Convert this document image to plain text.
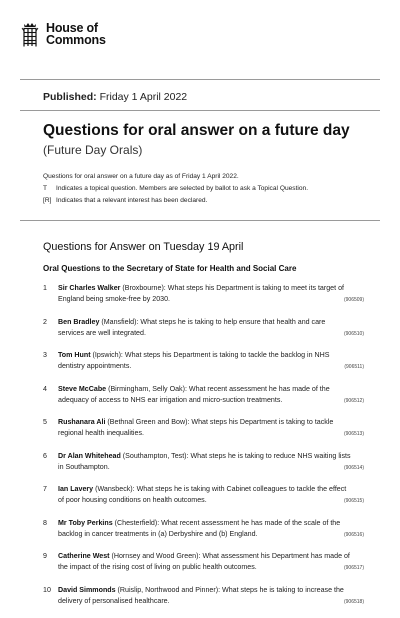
House of
Commons
Published: Friday 1 April 2022
Questions for oral answer on a future day
(Future Day Orals)
Questions for oral answer on a future day as of Friday 1 April 2022.
T Indicates a topical question. Members are selected by ballot to ask a Topical Question.
[R] Indicates that a relevant interest has been declared.
Questions for Answer on Tuesday 19 April
Oral Questions to the Secretary of State for Health and Social Care
1	Sir Charles Walker (Broxbourne): What steps his Department is taking to meet its target of England being smoke-free by 2030.	(906509)
2	Ben Bradley (Mansfield): What steps he is taking to help ensure that health and care services are well integrated.	(906510)
3	Tom Hunt (Ipswich): What steps his Department is taking to tackle the backlog in NHS dentistry appointments.	(906511)
4	Steve McCabe (Birmingham, Selly Oak): What recent assessment he has made of the adequacy of access to NHS ear irrigation and micro-suction treatments.	(906512)
5	Rushanara Ali (Bethnal Green and Bow): What steps his Department is taking to tackle regional health inequalities.	(906513)
6	Dr Alan Whitehead (Southampton, Test): What steps he is taking to reduce NHS waiting lists in Southampton.	(906514)
7	Ian Lavery (Wansbeck): What steps he is taking with Cabinet colleagues to tackle the effect of poor housing conditions on health outcomes.	(906515)
8	Mr Toby Perkins (Chesterfield): What recent assessment he has made of the scale of the backlog in cancer treatments in (a) Derbyshire and (b) England.	(906516)
9	Catherine West (Hornsey and Wood Green): What assessment his Department has made of the impact of the rising cost of living on public health outcomes.	(906517)
10	David Simmonds (Ruislip, Northwood and Pinner): What steps he is taking to increase the delivery of personalised healthcare.	(906518)
